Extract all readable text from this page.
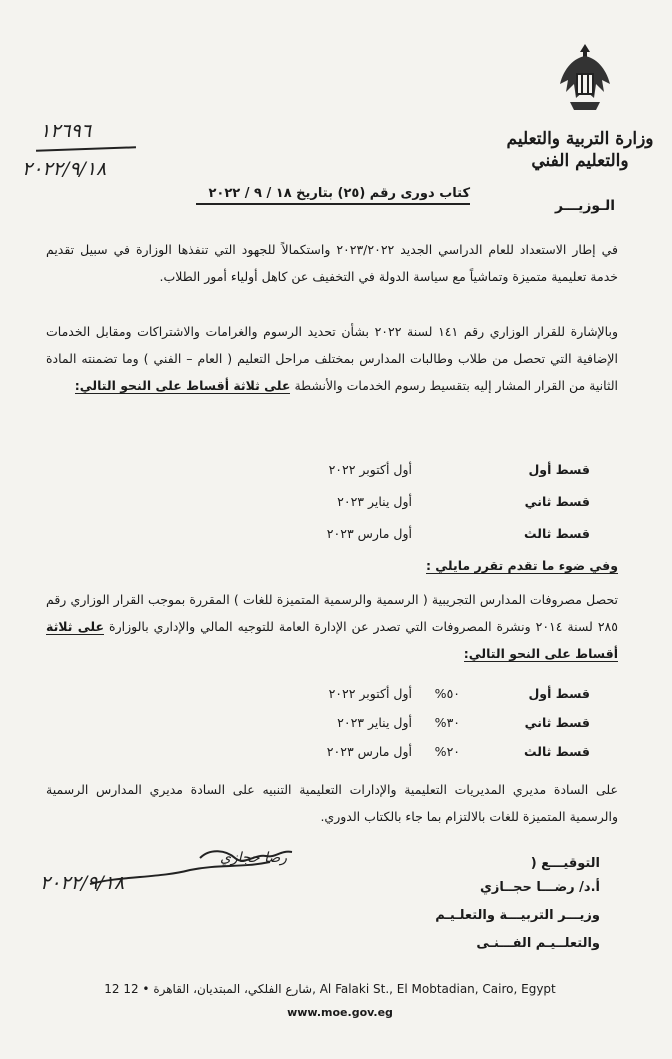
وزارة التربية والتعليم
والتعليم الفني
الـوزيـــر
١٢٦٩٦
٢٠٢٢/٩/١٨
كتاب دورى رقم (٢٥) بتاريخ ١٨ / ٩ / ٢٠٢٢
في إطار الاستعداد للعام الدراسي الجديد ٢٠٢٣/٢٠٢٢ واستكمالاً للجهود التي تنفذها الوزارة في سبيل تقديم خدمة تعليمية متميزة وتماشياً مع سياسة الدولة في التخفيف عن كاهل أولياء أمور الطلاب.
وبالإشارة للقرار الوزاري رقم ١٤١ لسنة ٢٠٢٢ بشأن تحديد الرسوم والغرامات والاشتراكات ومقابل الخدمات الإضافية التي تحصل من طلاب وطالبات المدارس بمختلف مراحل التعليم ( العام – الفني ) وما تضمنته المادة الثانية من القرار المشار إليه بتقسيط رسوم الخدمات والأنشطة على ثلاثة أقساط على النحو التالي:
قسط أول
أول أكتوبر ٢٠٢٢
قسط ثاني
أول يناير ٢٠٢٣
قسط ثالث
أول مارس ٢٠٢٣
وفي ضوء ما تقدم تقرر مايلي :
تحصل مصروفات المدارس التجريبية ( الرسمية والرسمية المتميزة للغات ) المقررة بموجب القرار الوزاري رقم ٢٨٥ لسنة ٢٠١٤ ونشرة المصروفات التي تصدر عن الإدارة العامة للتوجيه المالي والإداري بالوزارة على ثلاثة أقساط على النحو التالي:
قسط أول
٥٠%
أول أكتوبر ٢٠٢٢
قسط ثاني
٣٠%
أول يناير ٢٠٢٣
قسط ثالث
٢٠%
أول مارس ٢٠٢٣
على السادة مديري المديريات التعليمية والإدارات التعليمية التنبيه على السادة مديري المدارس الرسمية والرسمية المتميزة للغات بالالتزام بما جاء بالكتاب الدوري.
التوقيـــع (
أ.د/ رضـــا حجــازي
وزيـــر التربيـــة والتعلـيـم
والتعلــيـم الفـــنـى
رضا حجازي
٢٠٢٢/٩/١٨
12 شارع الفلكي، المبتديان، القاهرة • 12, Al Falaki St., El Mobtadian, Cairo, Egypt
www.moe.gov.eg
